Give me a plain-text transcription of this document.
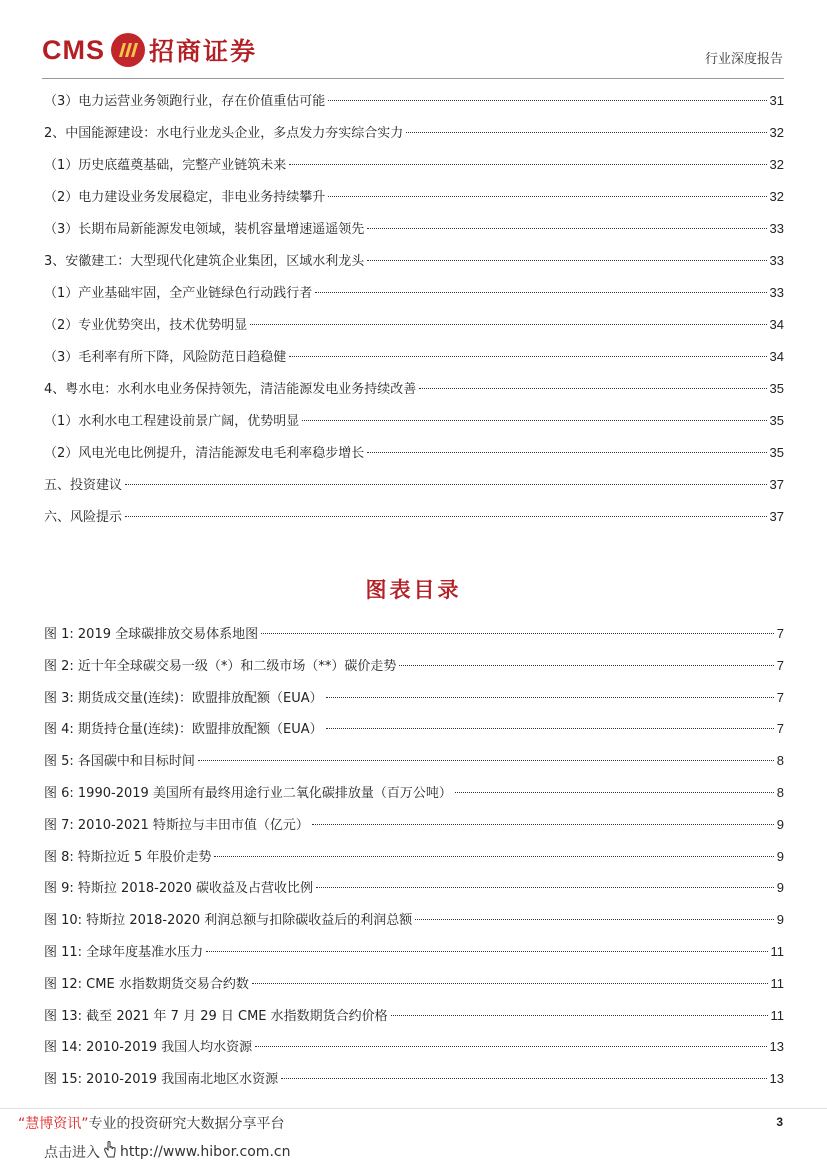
CMS 招商证券	行业深度报告
（3）电力运营业务领跑行业，存在价值重估可能	31
2、中国能源建设：水电行业龙头企业，多点发力夯实综合实力	32
（1）历史底蕴奠基础，完整产业链筑未来	32
（2）电力建设业务发展稳定，非电业务持续攀升	32
（3）长期布局新能源发电领域，装机容量增速遥遥领先	33
3、安徽建工：大型现代化建筑企业集团，区域水利龙头	33
（1）产业基础牢固，全产业链绿色行动践行者	33
（2）专业优势突出，技术优势明显	34
（3）毛利率有所下降，风险防范日趋稳健	34
4、粤水电：水利水电业务保持领先，清洁能源发电业务持续改善	35
（1）水利水电工程建设前景广阔，优势明显	35
（2）风电光电比例提升，清洁能源发电毛利率稳步增长	35
五、投资建议	37
六、风险提示	37
图表目录
图 1: 2019 全球碳排放交易体系地图	7
图 2: 近十年全球碳交易一级（*）和二级市场（**）碳价走势	7
图 3: 期货成交量(连续)：欧盟排放配额（EUA）	7
图 4: 期货持仓量(连续)：欧盟排放配额（EUA）	7
图 5: 各国碳中和目标时间	8
图 6: 1990-2019 美国所有最终用途行业二氧化碳排放量（百万公吨）	8
图 7: 2010-2021 特斯拉与丰田市值（亿元）	9
图 8: 特斯拉近 5 年股价走势	9
图 9: 特斯拉 2018-2020 碳收益及占营收比例	9
图 10: 特斯拉 2018-2020 利润总额与扣除碳收益后的利润总额	9
图 11: 全球年度基准水压力	11
图 12: CME 水指数期货交易合约数	11
图 13: 截至 2021 年 7 月 29 日 CME 水指数期货合约价格	11
图 14: 2010-2019 我国人均水资源	13
图 15: 2010-2019 我国南北地区水资源	13
“慧博资讯”专业的投资研究大数据分享平台
点击进入 http://www.hibor.com.cn
3
